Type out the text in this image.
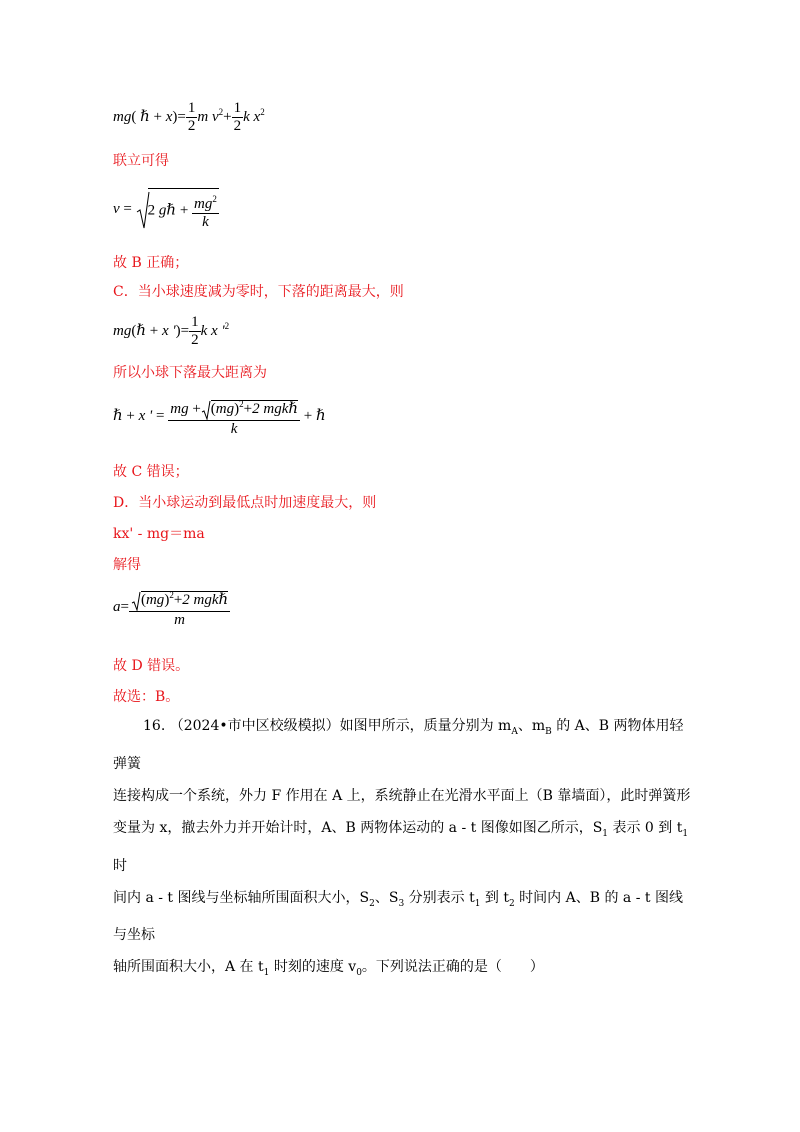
mg( ℏ + $x)= \frac{1}{2}$ m $v^2+ \frac{1}{2}$ k $x^2$
联立可得
v = 2 gℏ + $\frac{mg^2}{k}$
故 B 正确；
C．当小球速度减为零时，下落的距离最大，则
mg(ℏ + x ')= $\frac{1}{2}$ k x '$^2$
所以小球下落最大距离为
ℏ + x ' = $\frac{mg + (mg)^2+2 mgk\hbar}{k}$ + ℏ
故 C 错误；
D．当小球运动到最低点时加速度最大，则
kx' - mg＝ma
解得
$a= \frac{(mg)^2+2 mgk\hbar}{m}$
故 D 错误。
故选：B。

16. （2024•市中区校级模拟）如图甲所示，质量分别为 $m_A$、$m_B$ 的 A、B 两物体用轻弹簧

连接构成一个系统，外力 F 作用在 A 上，系统静止在光滑水平面上（B 靠墙面），此时弹簧形

变量为 x，撤去外力并开始计时，A、B 两物体运动的 a - t 图像如图乙所示，$S_1$ 表示 0 到 $t_1$ 时

间内 a - t 图线与坐标轴所围面积大小，$S_2$、$S_3$ 分别表示 $t_1$ 到 $t_2$ 时间内 A、B 的 a - t 图线与坐标

轴所围面积大小，A 在 $t_1$ 时刻的速度 $v_0$。下列说法正确的是（　　）
